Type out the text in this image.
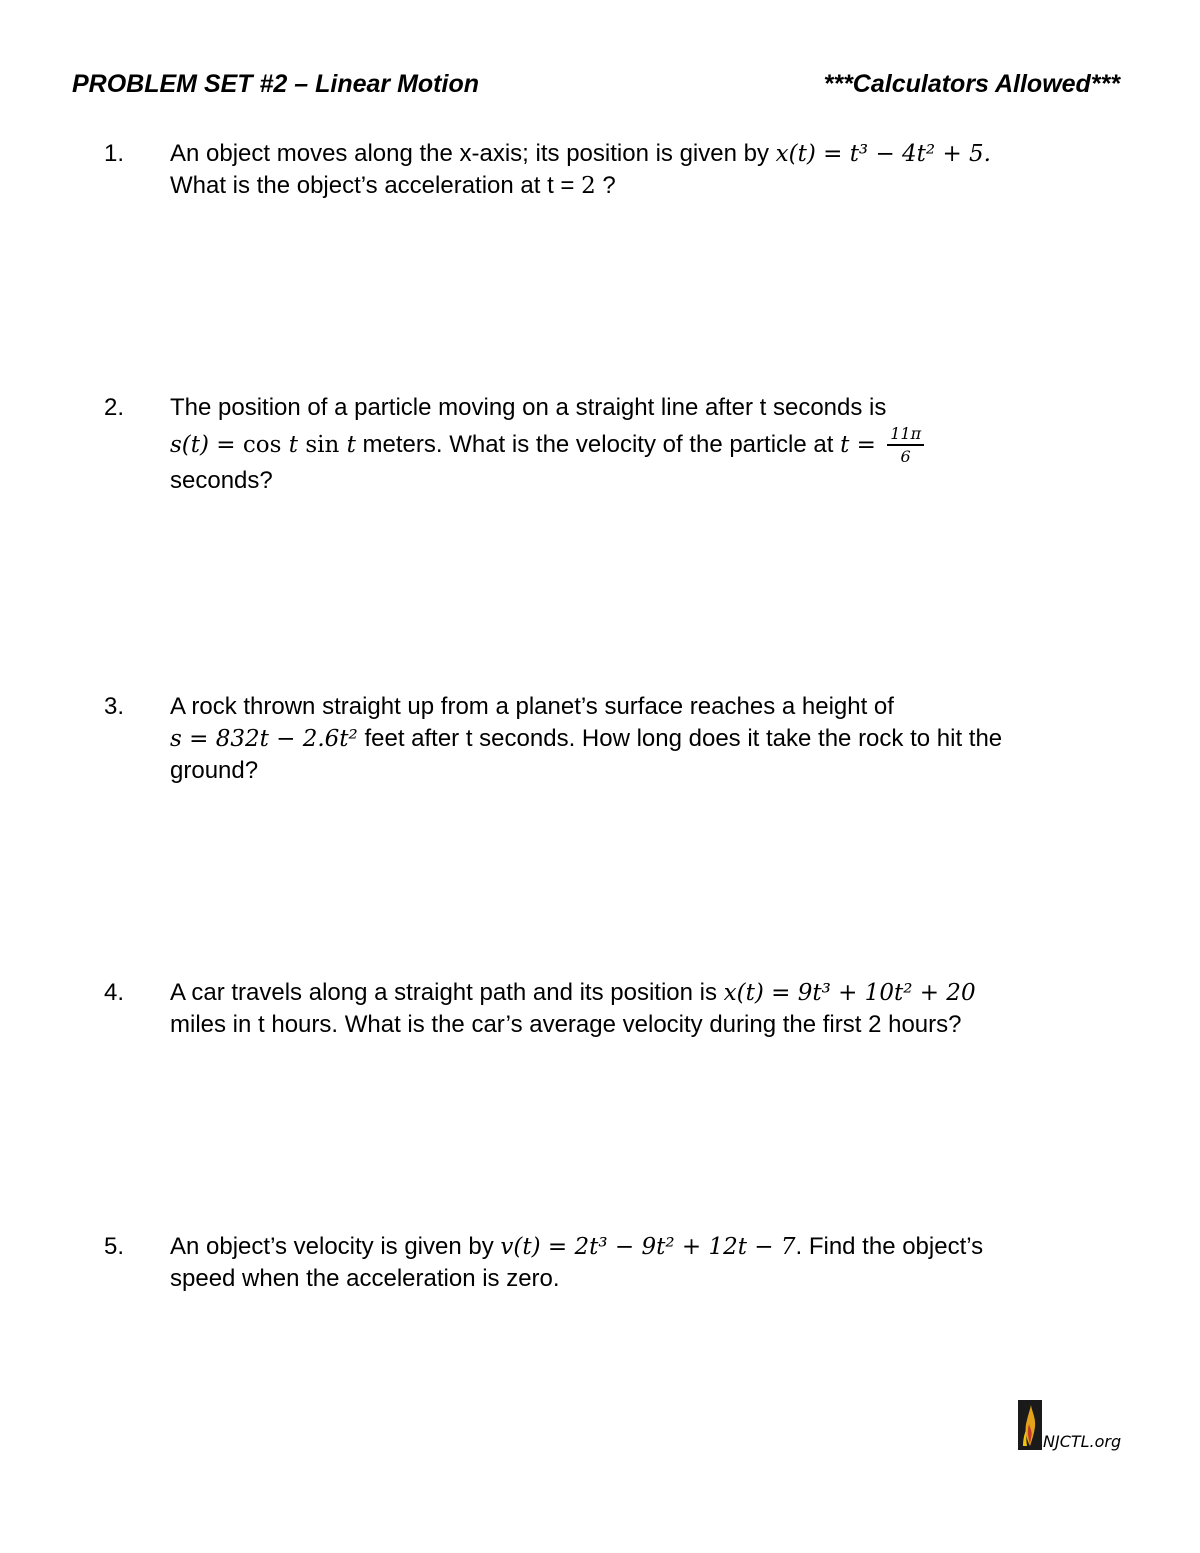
PROBLEM SET #2 – Linear Motion	***Calculators Allowed***
1.	An object moves along the x-axis; its position is given by x(t) = t³ − 4t² + 5.
What is the object’s acceleration at t = 2 ?
2.	The position of a particle moving on a straight line after t seconds is
s(t) = cos t sin t meters. What is the velocity of the particle at $t = \frac{11\pi}{6}$
seconds?
3.	A rock thrown straight up from a planet’s surface reaches a height of
s = 832t − 2.6t² feet after t seconds. How long does it take the rock to hit the
ground?
4.	A car travels along a straight path and its position is x(t) = 9t³ + 10t² + 20
miles in t hours. What is the car’s average velocity during the first 2 hours?
5.	An object’s velocity is given by v(t) = 2t³ − 9t² + 12t − 7. Find the object’s
speed when the acceleration is zero.
NJCTL.org
